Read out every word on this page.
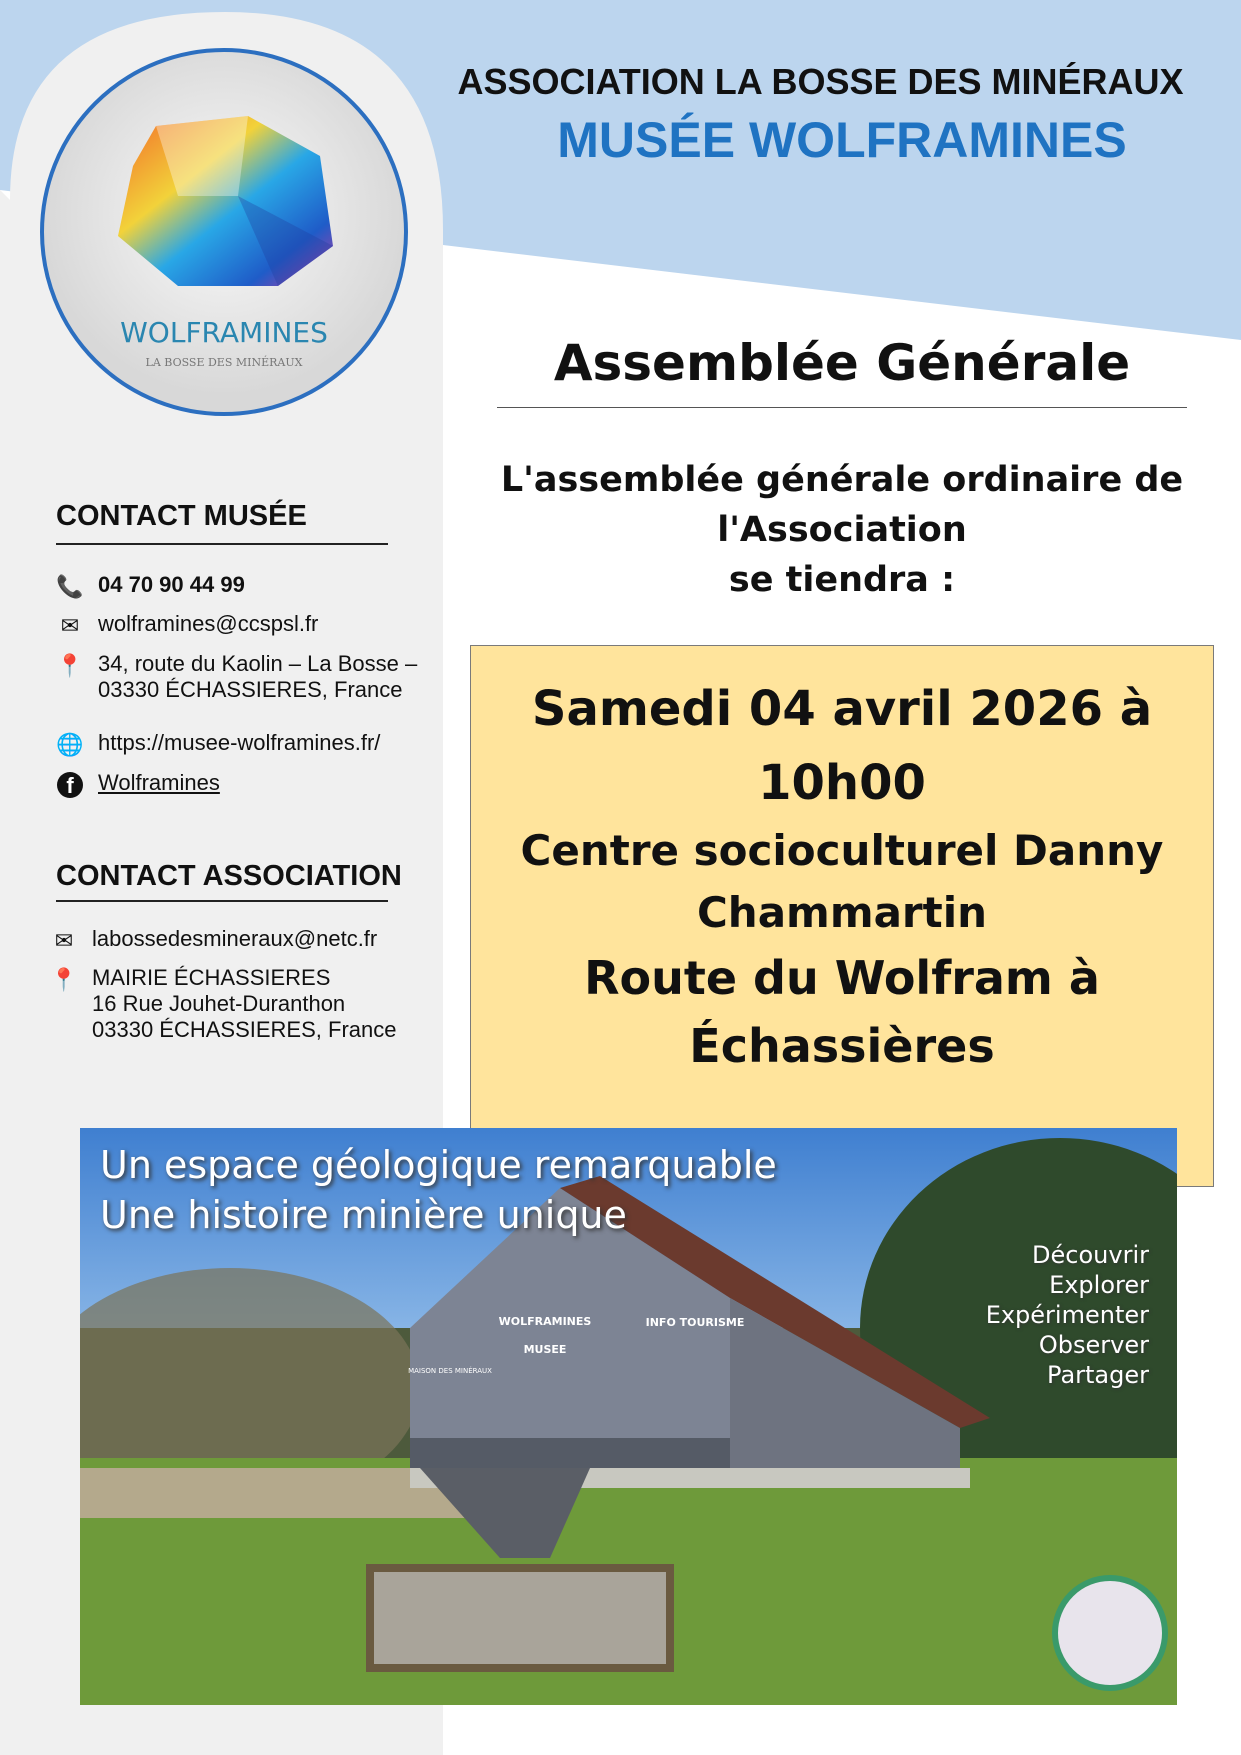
WOLFRAMINES
LA BOSSE DES MINÉRAUX
ASSOCIATION LA BOSSE DES MINÉRAUX
MUSÉE WOLFRAMINES
Assemblée Générale
L'assemblée générale ordinaire de
l'Association
se tiendra :
Samedi 04 avril 2026 à
10h00
Centre socioculturel Danny
Chammartin
Route du Wolfram à
Échassières
CONTACT MUSÉE
📞 04 70 90 44 99
✉ wolframines@ccspsl.fr
📍 34, route du Kaolin – La Bosse –
03330 ÉCHASSIERES, France
🌐 https://musee-wolframines.fr/
f	Wolframines
CONTACT ASSOCIATION
✉ labossedesmineraux@netc.fr
📍 MAIRIE ÉCHASSIERES
16 Rue Jouhet-Duranthon
03330 ÉCHASSIERES, France
WOLFRAMINES
MUSEE
INFO TOURISME
MAISON DES MINÉRAUX
Un espace géologique remarquable
Une histoire minière unique
Découvrir
Explorer
Expérimenter
Observer
Partager
